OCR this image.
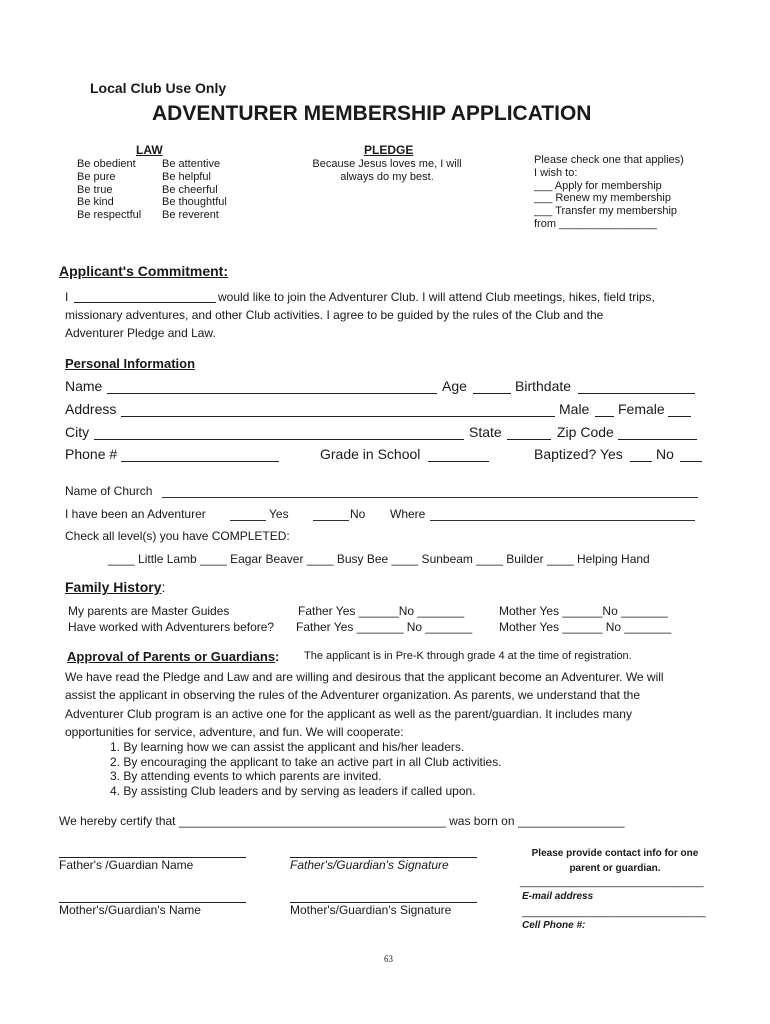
Local Club Use Only
ADVENTURER MEMBERSHIP APPLICATION
LAW
Be obedient
Be pure
Be true
Be kind
Be respectful
Be attentive
Be helpful
Be cheerful
Be thoughtful
Be reverent
PLEDGE
Because Jesus loves me, I will
always do my best.
Please check one that applies)
I wish to:
___ Apply for membership
___ Renew my membership
___ Transfer my membership
from ________________
Applicant's Commitment:
I	would like to join the Adventurer Club. I will attend Club meetings, hikes, field trips,
missionary adventures, and other Club activities. I agree to be guided by the rules of the Club and the
Adventurer Pledge and Law.
Personal Information
Name	Age	Birthdate
Address	Male Female
City	State	Zip Code
Phone #	Grade in School	Baptized? Yes No
Name of Church
I have been an Adventurer	Yes	No Where
Check all level(s) you have COMPLETED:
____ Little Lamb ____ Eagar Beaver ____ Busy Bee ____ Sunbeam ____ Builder ____ Helping Hand
Family History:
My parents are Master Guides	Father Yes ______No _______	Mother Yes ______No _______
Have worked with Adventurers before? Father Yes _______ No _______ Mother Yes ______ No _______
Approval of Parents or Guardians: The applicant is in Pre-K through grade 4 at the time of registration.
We have read the Pledge and Law and are willing and desirous that the applicant become an Adventurer. We will
assist the applicant in observing the rules of the Adventurer organization. As parents, we understand that the
Adventurer Club program is an active one for the applicant as well as the parent/guardian. It includes many
opportunities for service, adventure, and fun. We will cooperate:
1. By learning how we can assist the applicant and his/her leaders.
2. By encouraging the applicant to take an active part in all Club activities.
3. By attending events to which parents are invited.
4. By assisting Club leaders and by serving as leaders if called upon.
We hereby certify that ________________________________________ was born on ________________
Father's /Guardian Name	Father's/Guardian's Signature
Mother's/Guardian's Name	Mother's/Guardian's Signature
Please provide contact info for one
parent or guardian.
______________________________
E-mail address
______________________________
Cell Phone #:
63
